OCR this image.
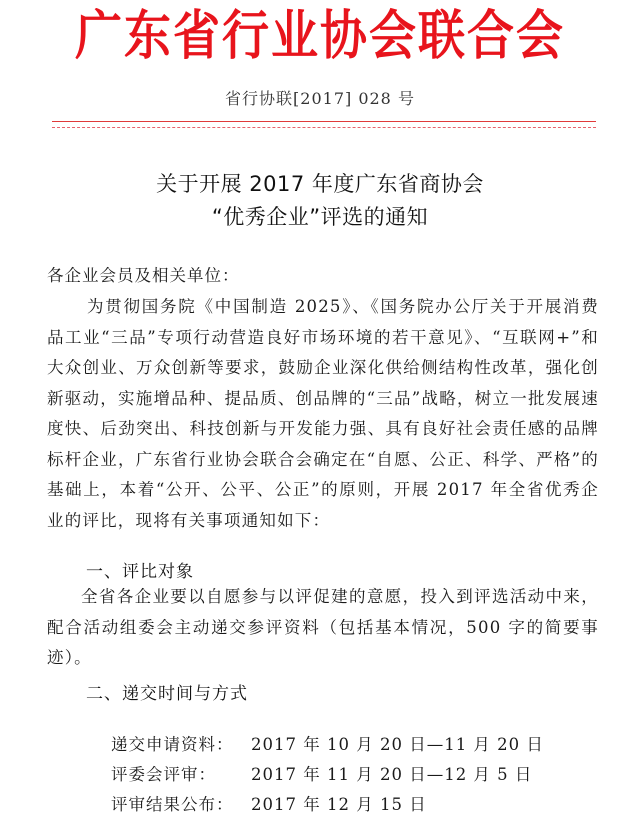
广东省行业协会联合会
省行协联[2017] 028 号
关于开展 2017 年度广东省商协会
“优秀企业”评选的通知
各企业会员及相关单位：
为贯彻国务院《中国制造 2025》、《国务院办公厅关于开展消费品工业“三品”专项行动营造良好市场环境的若干意见》、“互联网+”和大众创业、万众创新等要求，鼓励企业深化供给侧结构性改革，强化创新驱动，实施增品种、提品质、创品牌的“三品”战略，树立一批发展速度快、后劲突出、科技创新与开发能力强、具有良好社会责任感的品牌标杆企业，广东省行业协会联合会确定在“自愿、公正、科学、严格”的基础上，本着“公开、公平、公正”的原则，开展 2017 年全省优秀企业的评比，现将有关事项通知如下：
一、评比对象
全省各企业要以自愿参与以评促建的意愿，投入到评选活动中来，配合活动组委会主动递交参评资料（包括基本情况，500 字的简要事迹）。
二、递交时间与方式

递交申请资料： 2017 年 10 月 20 日—11 月 20 日

评委会评审： 2017 年 11 月 20 日—12 月 5 日

评审结果公布： 2017 年 12 月 15 日
